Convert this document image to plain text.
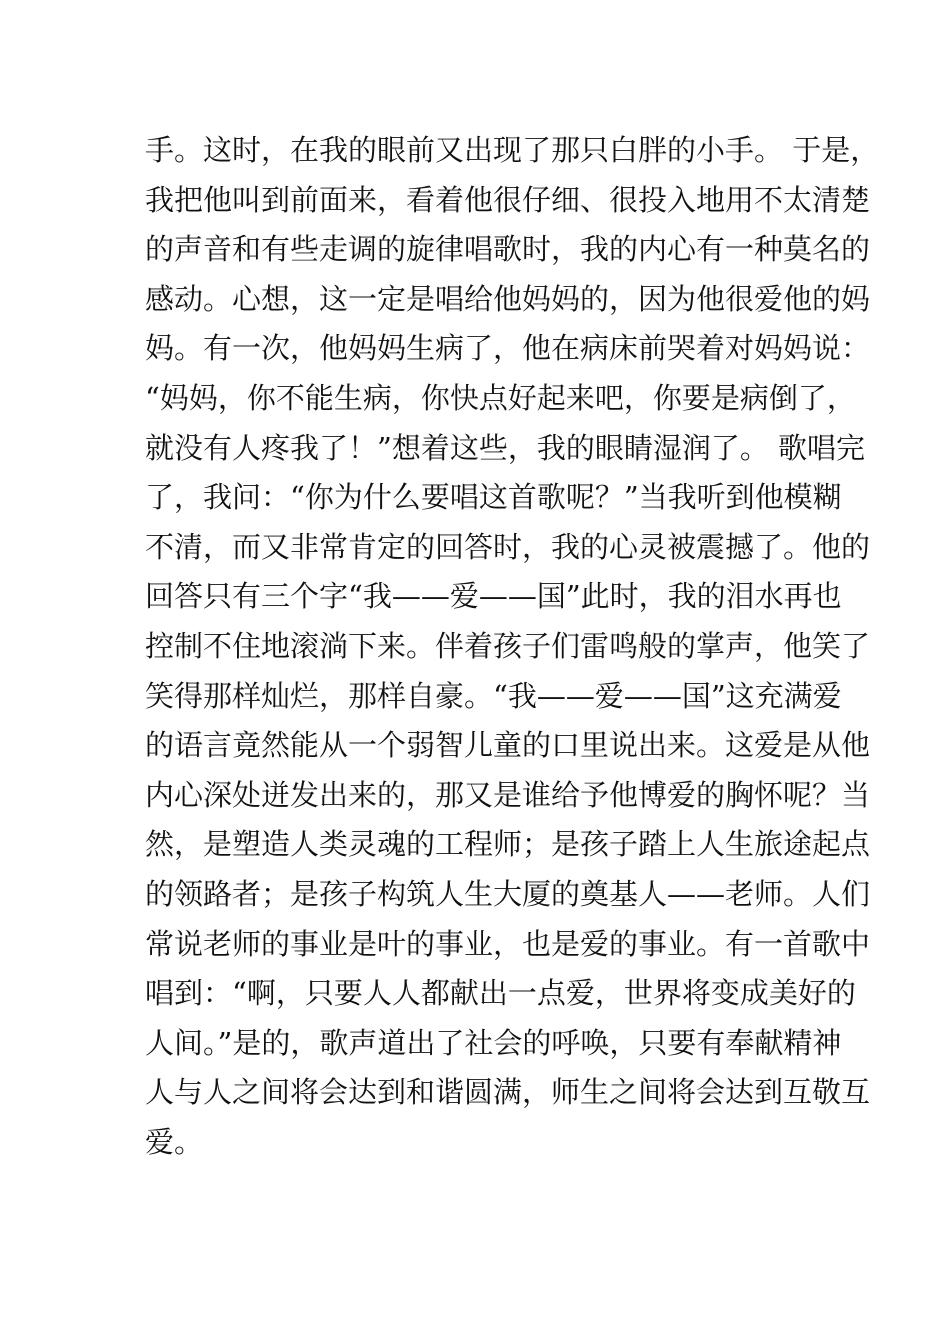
手。这时，在我的眼前又出现了那只白胖的小手。 于是，
我把他叫到前面来，看着他很仔细、很投入地用不太清楚
的声音和有些走调的旋律唱歌时，我的内心有一种莫名的
感动。心想，这一定是唱给他妈妈的，因为他很爱他的妈
妈。有一次，他妈妈生病了，他在病床前哭着对妈妈说：
“妈妈，你不能生病，你快点好起来吧，你要是病倒了，
就没有人疼我了！”想着这些，我的眼睛湿润了。 歌唱完
了，我问：“你为什么要唱这首歌呢？”当我听到他模糊
不清，而又非常肯定的回答时，我的心灵被震撼了。他的
回答只有三个字“我——爱——国”此时，我的泪水再也
控制不住地滚淌下来。伴着孩子们雷鸣般的掌声，他笑了
笑得那样灿烂，那样自豪。“我——爱——国”这充满爱
的语言竟然能从一个弱智儿童的口里说出来。这爱是从他
内心深处迸发出来的，那又是谁给予他博爱的胸怀呢？当
然，是塑造人类灵魂的工程师；是孩子踏上人生旅途起点
的领路者；是孩子构筑人生大厦的奠基人——老师。人们
常说老师的事业是叶的事业，也是爱的事业。有一首歌中
唱到：“啊，只要人人都献出一点爱，世界将变成美好的
人间。”是的，歌声道出了社会的呼唤，只要有奉献精神
人与人之间将会达到和谐圆满，师生之间将会达到互敬互
爱。
